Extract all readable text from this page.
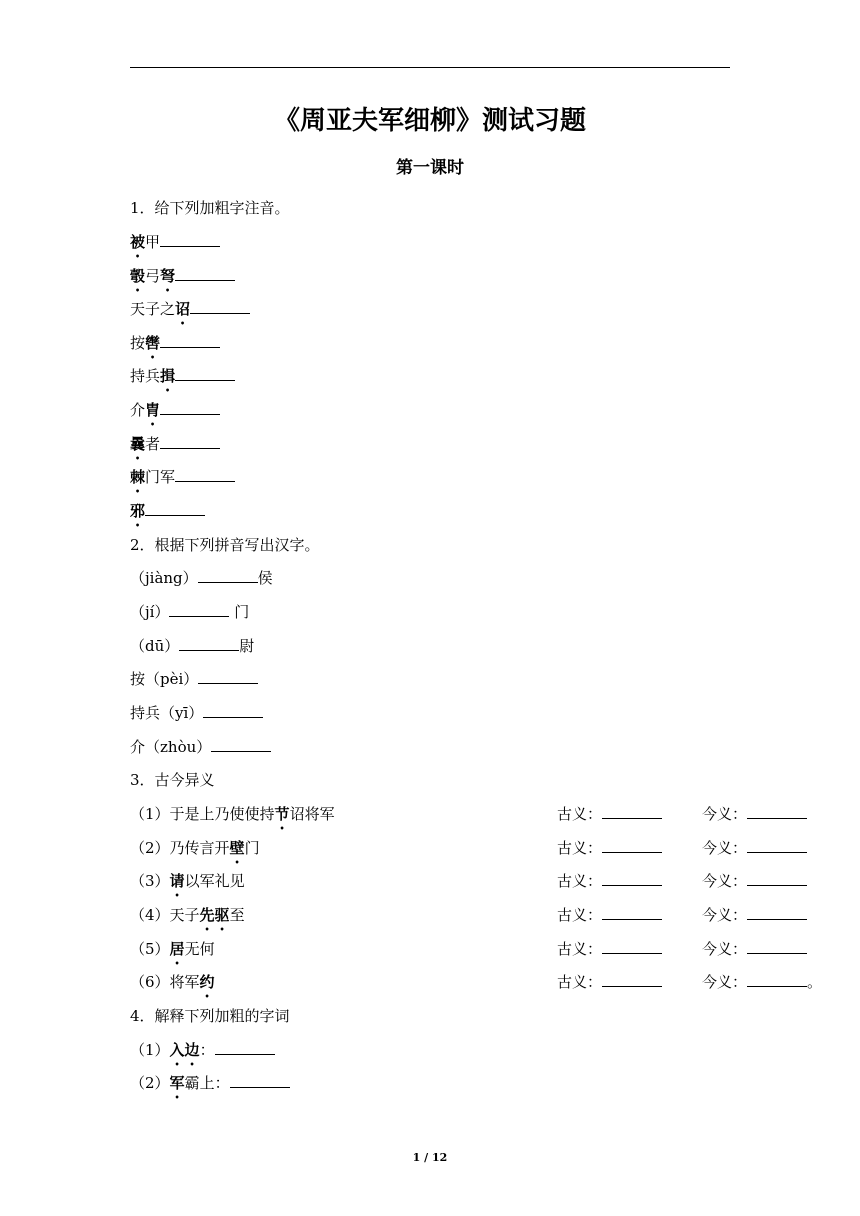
《周亚夫军细柳》测试习题
第一课时
1．给下列加粗字注音。
被甲
彀弓弩
天子之诏
按辔
持兵揖
介胄
曩者
棘门军
邪
2．根据下列拼音写出汉字。
（jiàng）	侯
（jí）	门
（dū）	尉
按（pèi）
持兵（yī）
介（zhòu）
3．古今异义
（1）于是上乃使使持节诏将军	古义：	今义：
（2）乃传言开壁门	古义：	今义：
（3）请以军礼见	古义：	今义：
（4）天子先驱至	古义：	今义：
（5）居无何	古义：	今义：
（6）将军约	古义：	今义：	。
4．解释下列加粗的字词
（1）入边：
（2）军霸上：
1 / 12
